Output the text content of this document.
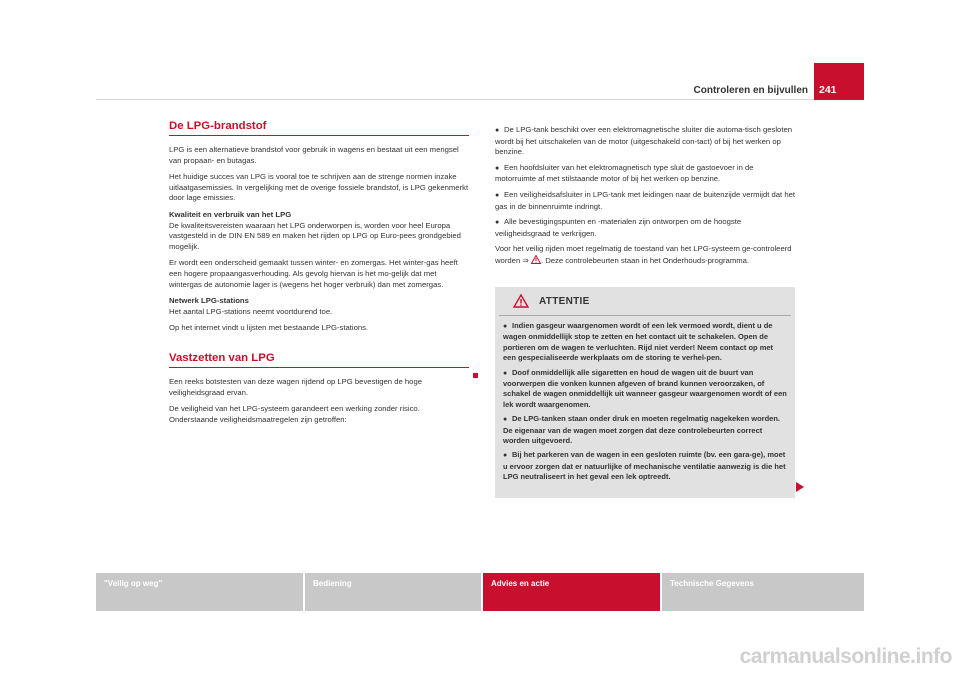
Controleren en bijvullen	241
De LPG-brandstof

LPG is een alternatieve brandstof voor gebruik in wagens en bestaat uit een mengsel van propaan- en butagas.

Het huidige succes van LPG is vooral toe te schrijven aan de strenge normen inzake uitlaatgasemissies. In vergelijking met de overige fossiele brandstof, is LPG gekenmerkt door lage emissies.

Kwaliteit en verbruik van het LPG

De kwaliteitsvereisten waaraan het LPG onderworpen is, worden voor heel Europa vastgesteld in de DIN EN 589 en maken het rijden op LPG op Euro-pees grondgebied mogelijk.

Er wordt een onderscheid gemaakt tussen winter- en zomergas. Het winter-gas heeft een hogere propaangasverhouding. Als gevolg hiervan is het mo-gelijk dat met wintergas de autonomie lager is (wegens het hoger verbruik) dan met zomergas.

Netwerk LPG-stations

Het aantal LPG-stations neemt voortdurend toe.

Op het internet vindt u lijsten met bestaande LPG-stations.

Vastzetten van LPG

Een reeks botstesten van deze wagen rijdend op LPG bevestigen de hoge veiligheidsgraad ervan.

De veiligheid van het LPG-systeem garandeert een werking zonder risico. Onderstaande veiligheidsmaatregelen zijn getroffen:

● De LPG-tank beschikt over een elektromagnetische sluiter die automa-tisch gesloten wordt bij het uitschakelen van de motor (uitgeschakeld con-tact) of bij het werken op benzine.

● Een hoofdsluiter van het elektromagnetisch type sluit de gastoevoer in de motorruimte af met stilstaande motor of bij het werken op benzine.

● Een veiligheidsafsluiter in LPG-tank met leidingen naar de buitenzijde vermijdt dat het gas in de binnenruimte indringt.

● Alle bevestigingspunten en -materialen zijn ontworpen om de hoogste veiligheidsgraad te verkrijgen.

Voor het veilig rijden moet regelmatig de toestand van het LPG-systeem ge-controleerd worden ⇒ . Deze controlebeurten staan in het Onderhouds-programma.

ATTENTIE

● Indien gasgeur waargenomen wordt of een lek vermoed wordt, dient u de wagen onmiddellijk stop te zetten en het contact uit te schakelen. Open de portieren om de wagen te verluchten. Rijd niet verder! Neem contact op met een gespecialiseerde werkplaats om de storing te verhel-pen.

● Doof onmiddellijk alle sigaretten en houd de wagen uit de buurt van voorwerpen die vonken kunnen afgeven of brand kunnen veroorzaken, of schakel de wagen onmiddellijk uit wanneer gasgeur waargenomen wordt of een lek wordt waargenomen.

● De LPG-tanken staan onder druk en moeten regelmatig nagekeken worden. De eigenaar van de wagen moet zorgen dat deze controlebeurten correct worden uitgevoerd.

● Bij het parkeren van de wagen in een gesloten ruimte (bv. een gara-ge), moet u ervoor zorgen dat er natuurlijke of mechanische ventilatie aanwezig is die het LPG neutraliseert in het geval een lek optreedt.

"Veilig op weg"	Bediening	Advies en actie	Technische Gegevens
carmanualsonline.info
